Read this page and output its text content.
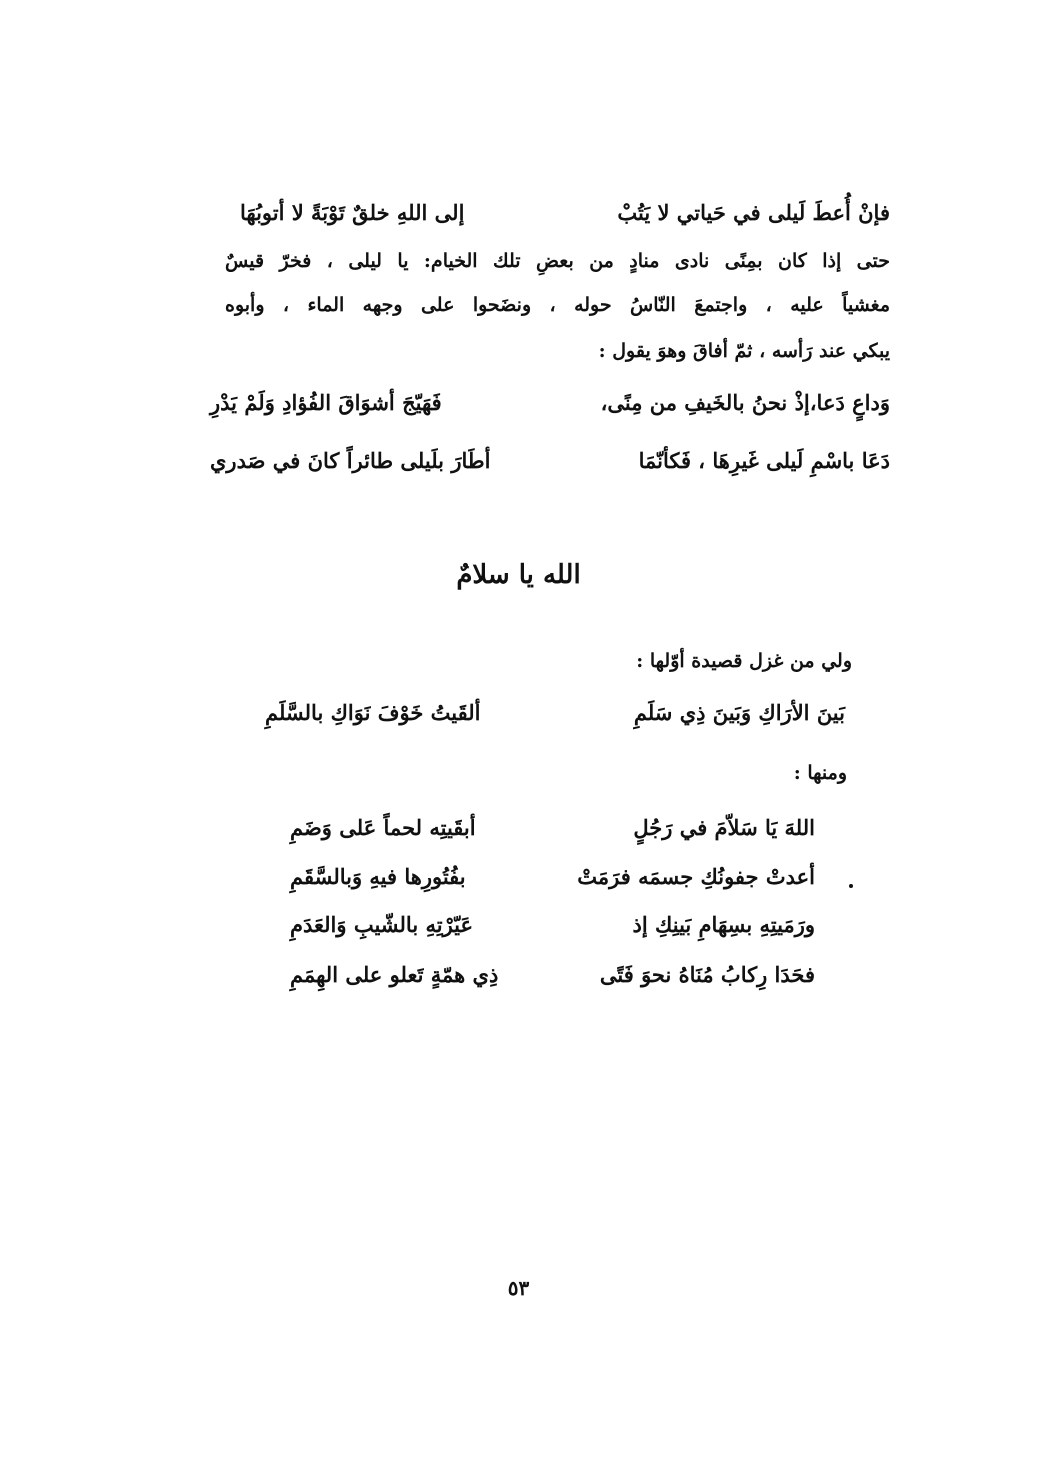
فإنْ أُعطَ لَيلى في حَياتي لا يَتُبْ
إلى اللهِ خلقٌ تَوْبَةً لا أتوبُهَا
حتى إذا كان بمِنًى نادى منادٍ من بعضِ تلك الخيام: يا ليلى ، فخرّ قيسٌ
مغشياً عليه ، واجتمعَ النّاسُ حوله ، ونضَحوا على وجهه الماء ، وأبوه
يبكي عند رَأسه ، ثمّ أفاقَ وهوَ يقول :
وَداعٍ دَعا،إذْ نحنُ بالخَيفِ من مِنًى،
فَهَيّجَ أشوَاقَ الفُؤادِ وَلَمْ يَدْرِ
دَعَا باسْمِ لَيلى غَيرِهَا ، فَكأنّمَا
أطَارَ بلَيلى طائراً كانَ في صَدري
الله يا سلامٌ
ولي من غزل قصيدة أوّلها :
بَينَ الأرَاكِ وَبَينَ ذِي سَلَمِ
ألقَيتُ خَوْفَ نَوَاكِ بالسَّلَمِ
ومنها :
اللهَ يَا سَلاّمَ في رَجُلٍ
أبقَيتِه لحماً عَلى وَضَمِ
أعدتْ جفونُكِ جسمَه فرَمَتْ
بفُتُورِها فيهِ وَبالسَّقَمِ
ورَمَيتِهِ بسِهَامِ بَينِكِ إذ
عَيّرْتِهِ بالشّيبِ وَالعَدَمِ
فحَدَا رِكابُ مُنَاهُ نحوَ فَتًى
ذِي همّةٍ تَعلو على الهِمَمِ
٥٣
